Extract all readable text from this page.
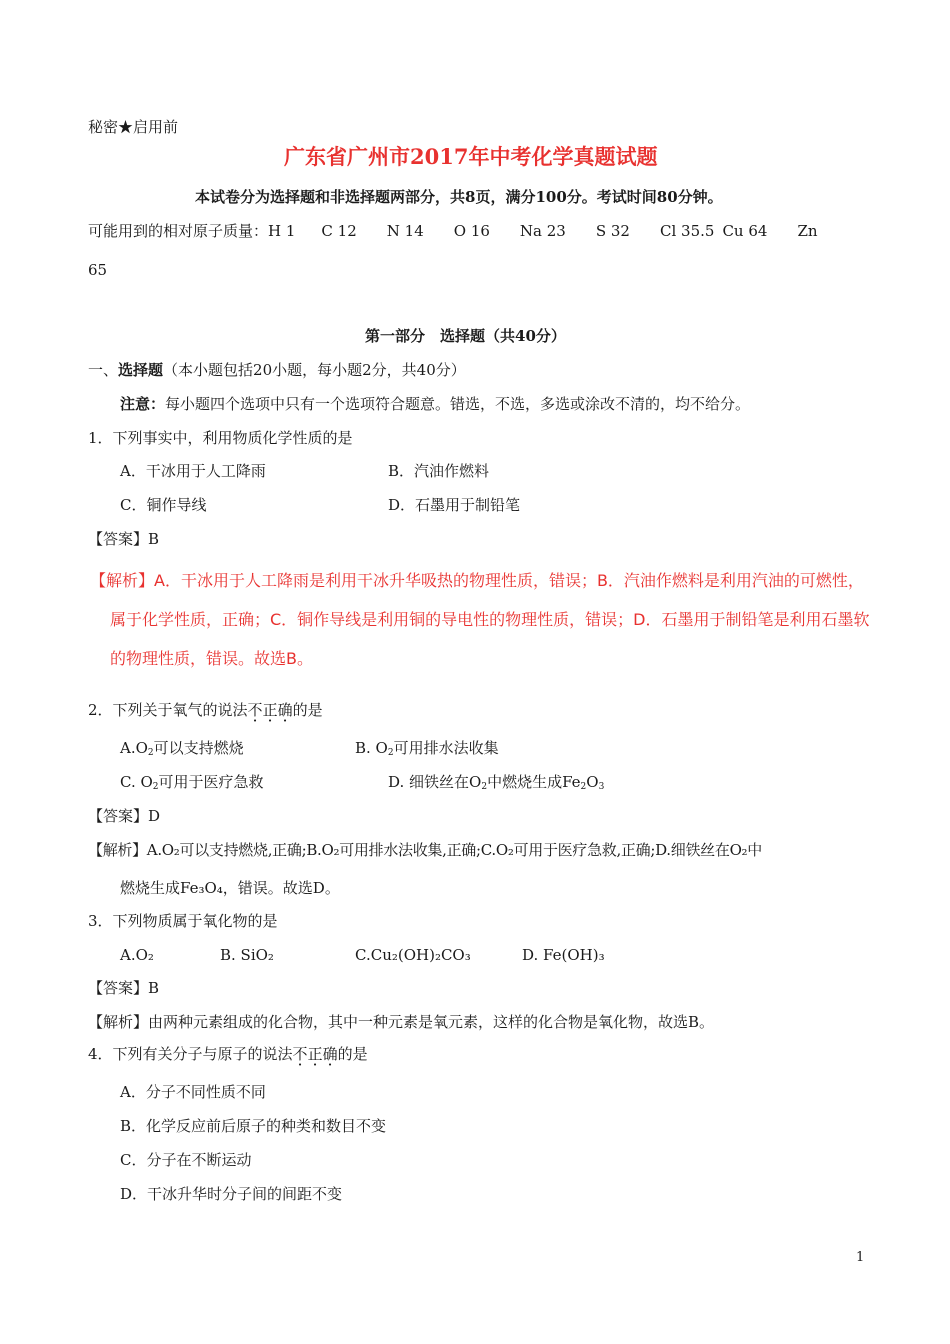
秘密★启用前
广东省广州市2017年中考化学真题试题
本试卷分为选择题和非选择题两部分，共8页，满分100分。考试时间80分钟。
可能用到的相对原子质量：H 1 C 12 N 14 O 16 Na 23 S 32 Cl 35.5 Cu 64 Zn
65
第一部分　选择题（共40分）
一、选择题（本小题包括20小题，每小题2分，共40分）
注意：每小题四个选项中只有一个选项符合题意。错选，不选，多选或涂改不清的，均不给分。
1．下列事实中，利用物质化学性质的是
A．干冰用于人工降雨	B．汽油作燃料
C．铜作导线	D．石墨用于制铅笔
【答案】B
【解析】A．干冰用于人工降雨是利用干冰升华吸热的物理性质，错误；B．汽油作燃料是利用汽油的可燃性，属于化学性质，正确；C．铜作导线是利用铜的导电性的物理性质，错误；D．石墨用于制铅笔是利用石墨软的物理性质，错误。故选B。
2．下列关于氧气的说法不正确的是
$A.O_2$可以支持燃烧	B. $O_2$可用排水法收集
C. $O_2$可用于医疗急救	D. 细铁丝在$O_2$中燃烧生成$Fe_2O_3$
【答案】D
【解析】A.O₂可以支持燃烧,正确;B.O₂可用排水法收集,正确;C.O₂可用于医疗急救,正确;D.细铁丝在O₂中
燃烧生成Fe₃O₄，错误。故选D。
3．下列物质属于氧化物的是
A.O₂	B. SiO₂	C.Cu₂(OH)₂CO₃	D. Fe(OH)₃
【答案】B
【解析】由两种元素组成的化合物，其中一种元素是氧元素，这样的化合物是氧化物，故选B。
4．下列有关分子与原子的说法不正确的是
A．分子不同性质不同
B．化学反应前后原子的种类和数目不变
C．分子在不断运动
D．干冰升华时分子间的间距不变
1
